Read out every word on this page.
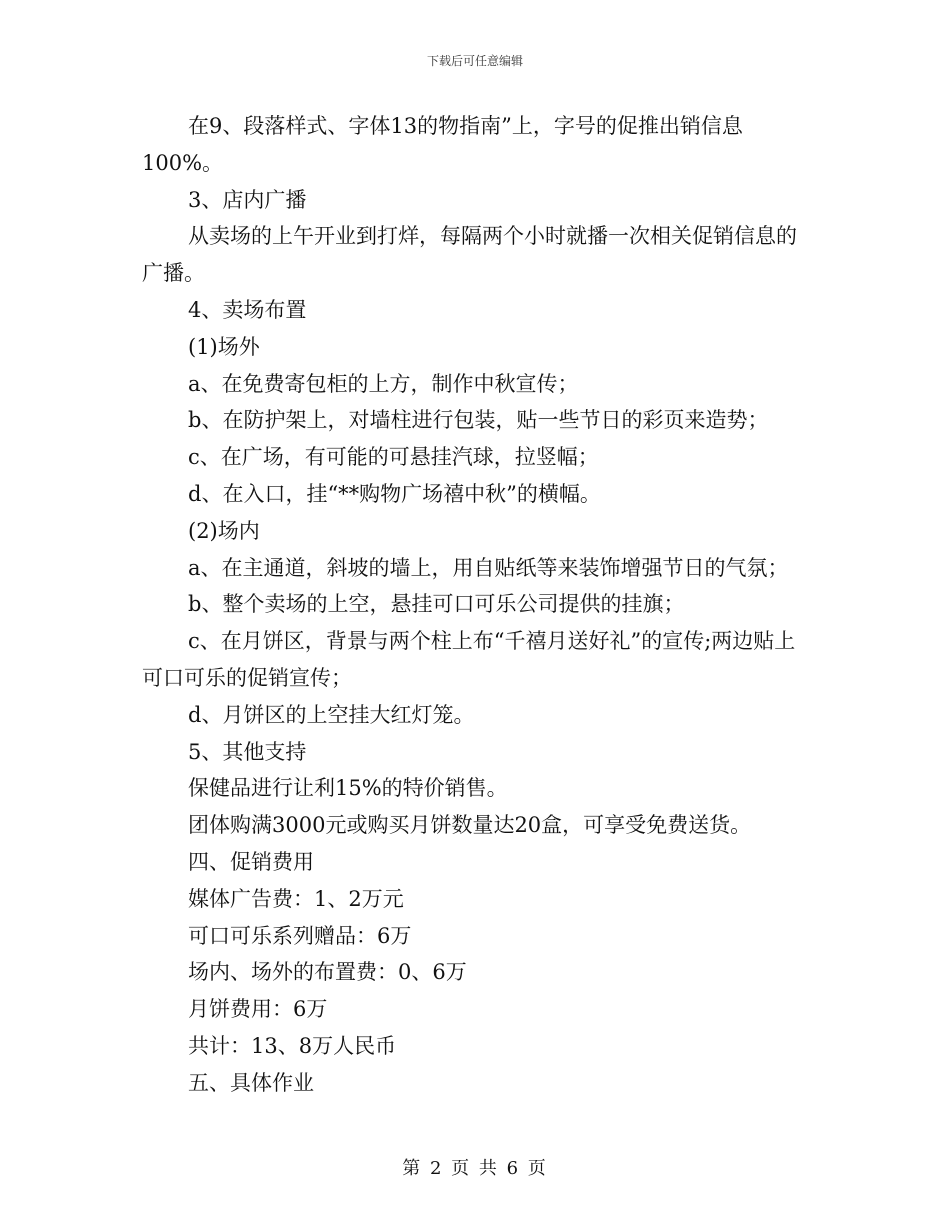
下载后可任意编辑

在9、段落样式、字体13的物指南”上，字号的促推出销信息100%。

3、店内广播

从卖场的上午开业到打烊，每隔两个小时就播一次相关促销信息的广播。

4、卖场布置

(1)场外

a、在免费寄包柜的上方，制作中秋宣传；

b、在防护架上，对墙柱进行包装，贴一些节日的彩页来造势；

c、在广场，有可能的可悬挂汽球，拉竖幅；

d、在入口，挂“**购物广场禧中秋”的横幅。

(2)场内

a、在主通道，斜坡的墙上，用自贴纸等来装饰增强节日的气氛；

b、整个卖场的上空，悬挂可口可乐公司提供的挂旗；

c、在月饼区，背景与两个柱上布“千禧月送好礼”的宣传;两边贴上可口可乐的促销宣传；

d、月饼区的上空挂大红灯笼。

5、其他支持

保健品进行让利15%的特价销售。

团体购满3000元或购买月饼数量达20盒，可享受免费送货。

四、促销费用

媒体广告费：1、2万元

可口可乐系列赠品：6万

场内、场外的布置费：0、6万

月饼费用：6万

共计：13、8万人民币

五、具体作业

第 2 页 共 6 页
